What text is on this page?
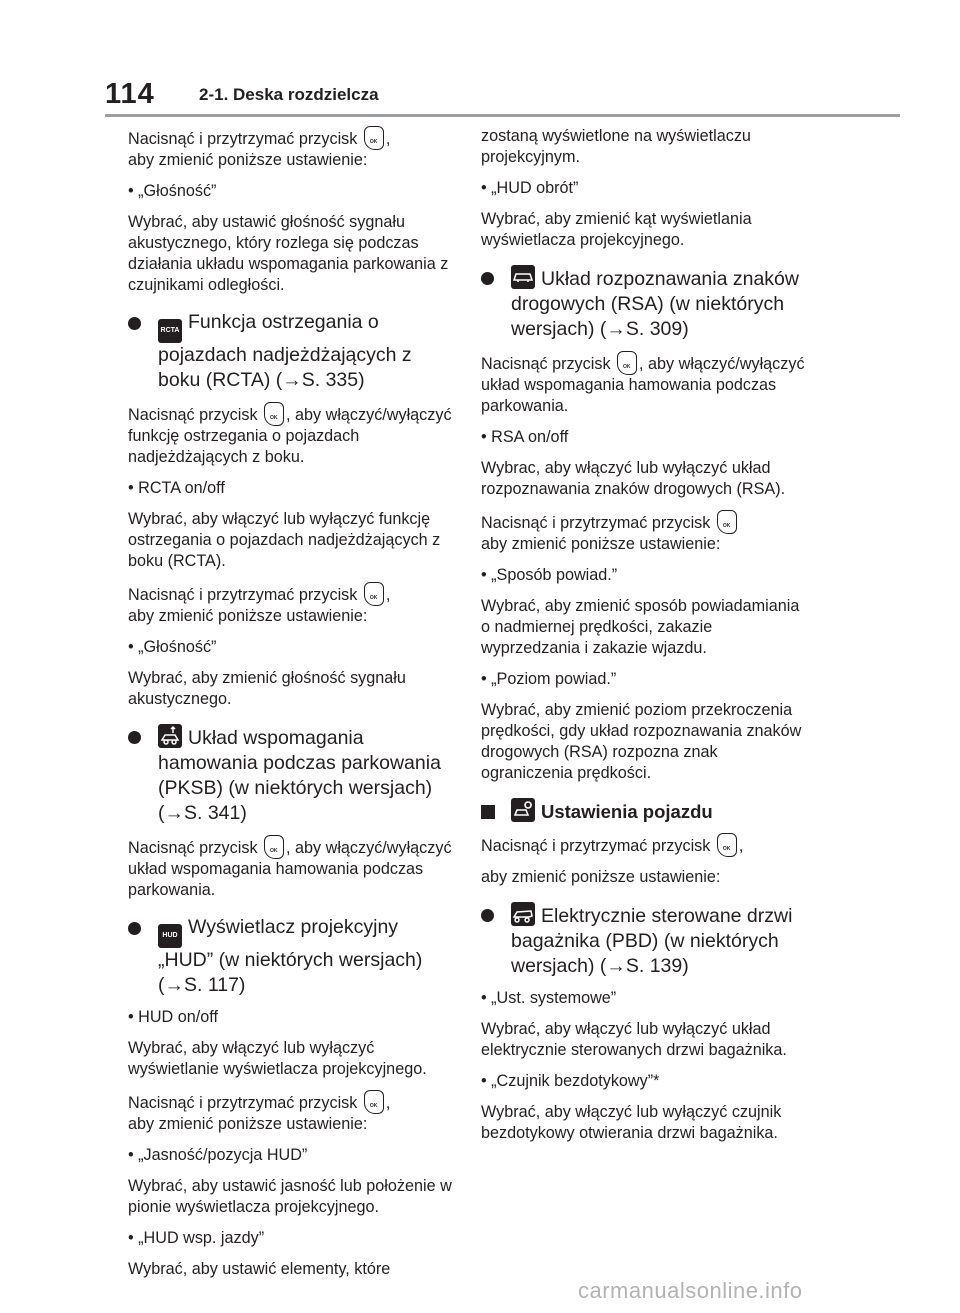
114	2-1. Deska rozdzielcza

Nacisnąć i przytrzymać przycisk OK ,
aby zmienić poniższe ustawienie:

• „Głośność”

Wybrać, aby ustawić głośność sygnału akustycznego, który rozlega się podczas działania układu wspomagania parkowania z czujnikami odległości.

RCTA Funkcja ostrzegania o pojazdach nadjeżdżających z boku (RCTA) (→S. 335)

Nacisnąć przycisk OK , aby włączyć/wyłączyć funkcję ostrzegania o pojazdach nadjeżdżających z boku.

• RCTA on/off

Wybrać, aby włączyć lub wyłączyć funkcję ostrzegania o pojazdach nadjeżdżających z boku (RCTA).

Nacisnąć i przytrzymać przycisk OK ,
aby zmienić poniższe ustawienie:

• „Głośność”

Wybrać, aby zmienić głośność sygnału akustycznego.

Układ wspomagania hamowania podczas parkowania (PKSB) (w niektórych wersjach) (→S. 341)

Nacisnąć przycisk OK , aby włączyć/wyłączyć układ wspomagania hamowania podczas parkowania.

HUD Wyświetlacz projekcyjny „HUD” (w niektórych wersjach) (→S. 117)

• HUD on/off

Wybrać, aby włączyć lub wyłączyć wyświetlanie wyświetlacza projekcyjnego.

Nacisnąć i przytrzymać przycisk OK ,
aby zmienić poniższe ustawienie:

• „Jasność/pozycja HUD”

Wybrać, aby ustawić jasność lub położenie w pionie wyświetlacza projekcyjnego.

• „HUD wsp. jazdy”

Wybrać, aby ustawić elementy, które

zostaną wyświetlone na wyświetlaczu projekcyjnym.

• „HUD obrót”

Wybrać, aby zmienić kąt wyświetlania wyświetlacza projekcyjnego.

Układ rozpoznawania znaków drogowych (RSA) (w niektórych wersjach) (→S. 309)

Nacisnąć przycisk OK , aby włączyć/wyłączyć układ wspomagania hamowania podczas parkowania.

• RSA on/off

Wybrac, aby włączyć lub wyłączyć układ rozpoznawania znaków drogowych (RSA).

Nacisnąć i przytrzymać przycisk OK
aby zmienić poniższe ustawienie:

• „Sposób powiad.”

Wybrać, aby zmienić sposób powiadamiania o nadmiernej prędkości, zakazie wyprzedzania i zakazie wjazdu.

• „Poziom powiad.”

Wybrać, aby zmienić poziom przekroczenia prędkości, gdy układ rozpoznawania znaków drogowych (RSA) rozpozna znak ograniczenia prędkości.

Ustawienia pojazdu

Nacisnąć i przytrzymać przycisk OK ,

aby zmienić poniższe ustawienie:

Elektrycznie sterowane drzwi bagażnika (PBD) (w niektórych wersjach) (→S. 139)

• „Ust. systemowe”

Wybrać, aby włączyć lub wyłączyć układ elektrycznie sterowanych drzwi bagażnika.

• „Czujnik bezdotykowy”*

Wybrać, aby włączyć lub wyłączyć czujnik bezdotykowy otwierania drzwi bagażnika.

carmanualsonline.info
